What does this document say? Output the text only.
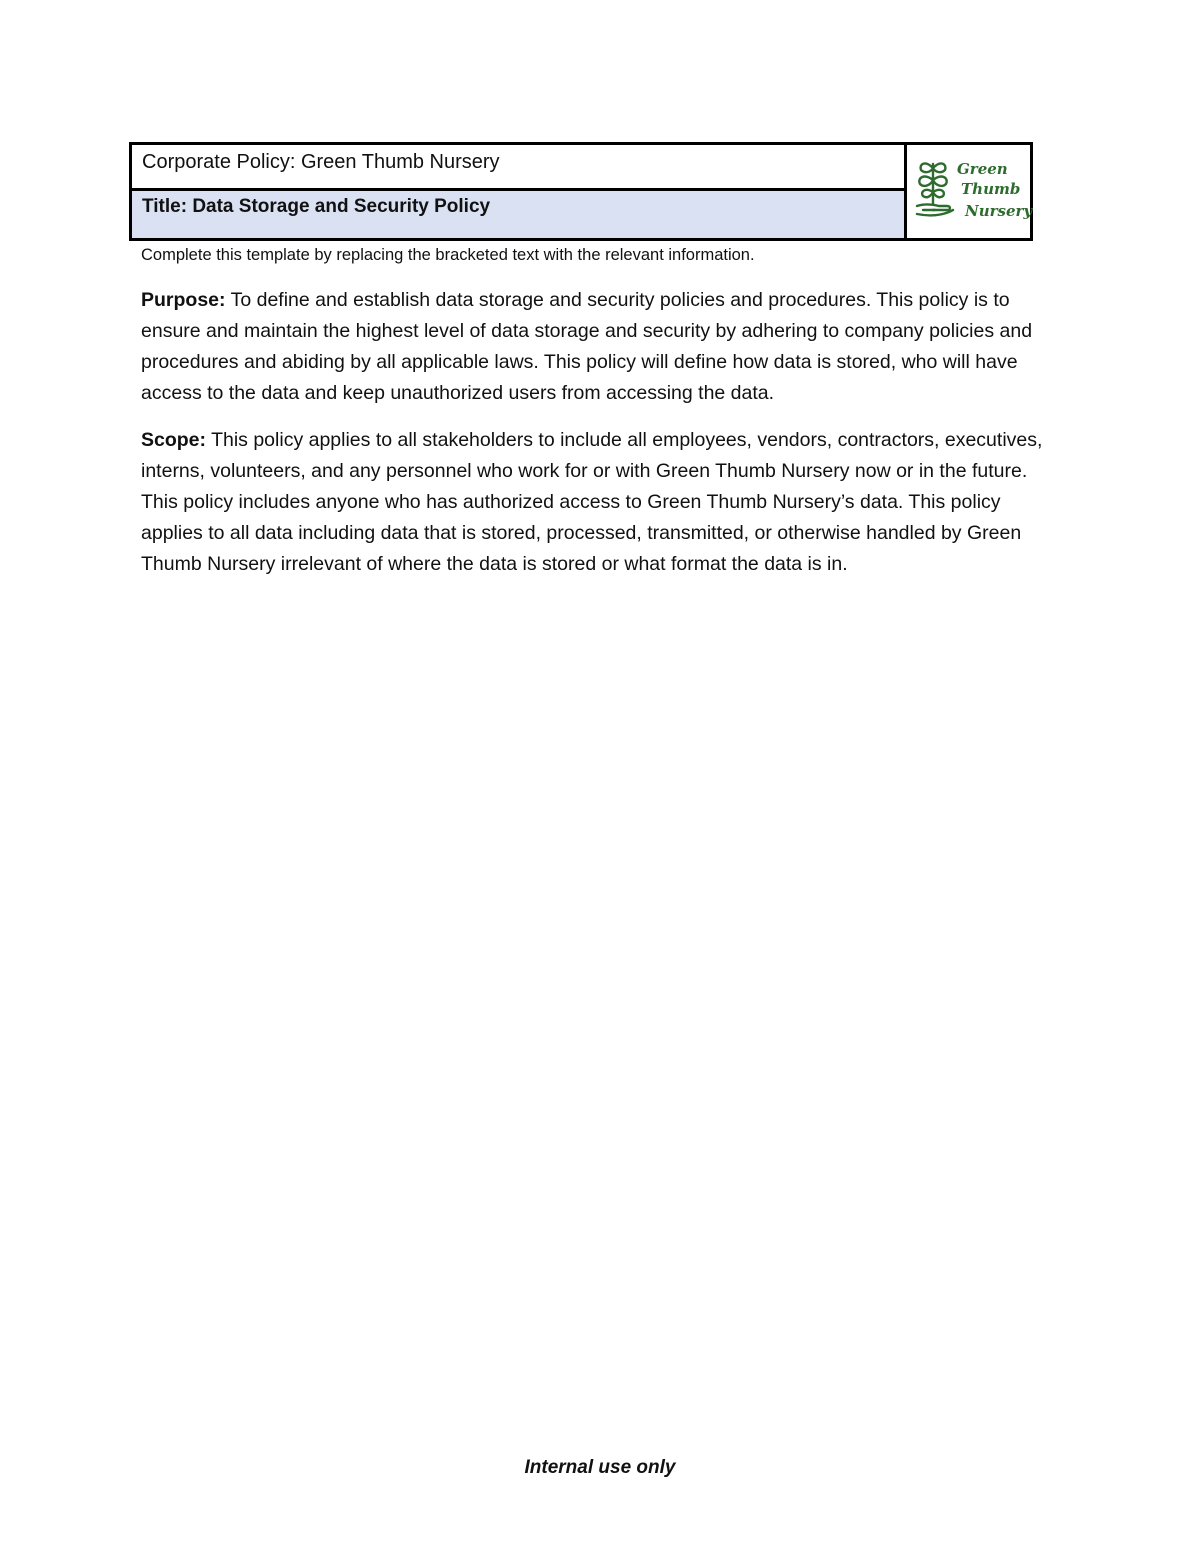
Corporate Policy: Green Thumb Nursery
Title: Data Storage and Security Policy
Green
Thumb
Nursery
Complete this template by replacing the bracketed text with the relevant information.

Purpose: To define and establish data storage and security policies and procedures. This policy is to ensure and maintain the highest level of data storage and security by adhering to company policies and procedures and abiding by all applicable laws. This policy will define how data is stored, who will have access to the data and keep unauthorized users from accessing the data.

Scope: This policy applies to all stakeholders to include all employees, vendors, contractors, executives, interns, volunteers, and any personnel who work for or with Green Thumb Nursery now or in the future. This policy includes anyone who has authorized access to Green Thumb Nursery’s data. This policy applies to all data including data that is stored, processed, transmitted, or otherwise handled by Green Thumb Nursery irrelevant of where the data is stored or what format the data is in.

Internal use only
